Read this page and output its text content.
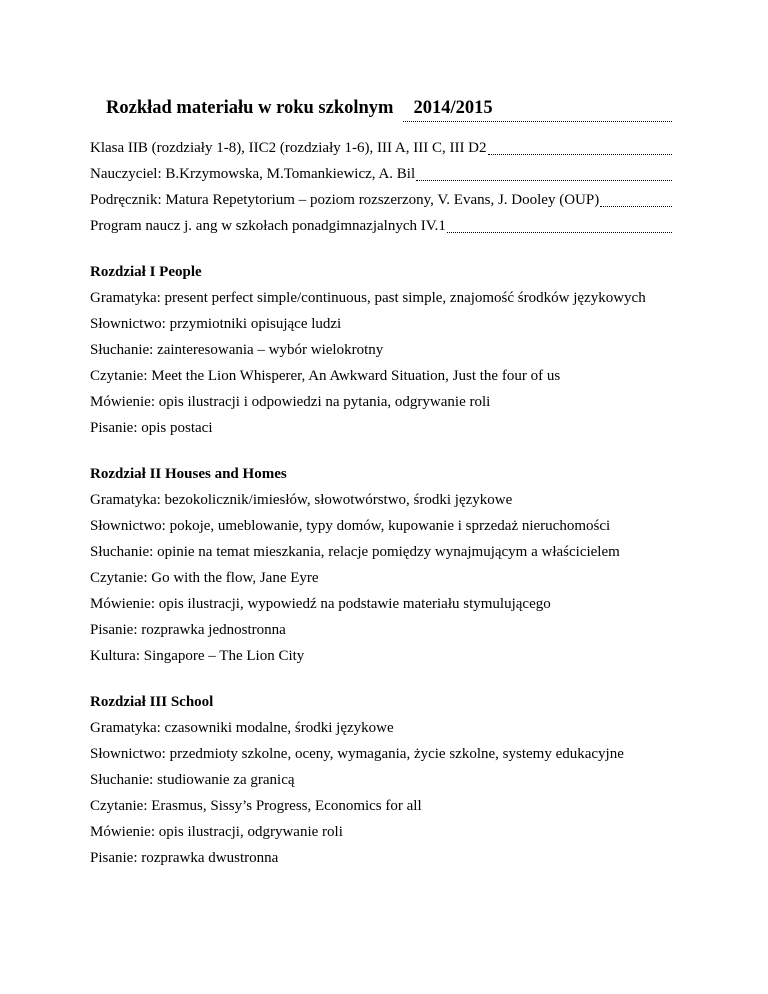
Rozkład materiału w roku szkolnym	2014/2015
Klasa IIB (rozdziały 1-8), IIC2 (rozdziały 1-6), III A, III C, III D2
Nauczyciel: B.Krzymowska, M.Tomankiewicz, A. Bil
Podręcznik: Matura Repetytorium – poziom rozszerzony, V. Evans, J. Dooley (OUP)
Program naucz j. ang w szkołach ponadgimnazjalnych IV.1
Rozdział I People
Gramatyka: present perfect simple/continuous, past simple, znajomość środków językowych
Słownictwo: przymiotniki opisujące ludzi
Słuchanie: zainteresowania – wybór wielokrotny
Czytanie: Meet the Lion Whisperer, An Awkward Situation, Just the four of us
Mówienie: opis ilustracji i odpowiedzi na pytania, odgrywanie roli
Pisanie: opis postaci
Rozdział II Houses and Homes
Gramatyka: bezokolicznik/imiesłów, słowotwórstwo, środki językowe
Słownictwo: pokoje, umeblowanie, typy domów, kupowanie i sprzedaż nieruchomości
Słuchanie: opinie na temat mieszkania, relacje pomiędzy wynajmującym a właścicielem
Czytanie: Go with the flow, Jane Eyre
Mówienie: opis ilustracji, wypowiedź na podstawie materiału stymulującego
Pisanie: rozprawka jednostronna
Kultura: Singapore – The Lion City
Rozdział III School
Gramatyka: czasowniki modalne, środki językowe
Słownictwo: przedmioty szkolne, oceny, wymagania, życie szkolne, systemy edukacyjne
Słuchanie: studiowanie za granicą
Czytanie: Erasmus, Sissy’s Progress, Economics for all
Mówienie: opis ilustracji, odgrywanie roli
Pisanie: rozprawka dwustronna
